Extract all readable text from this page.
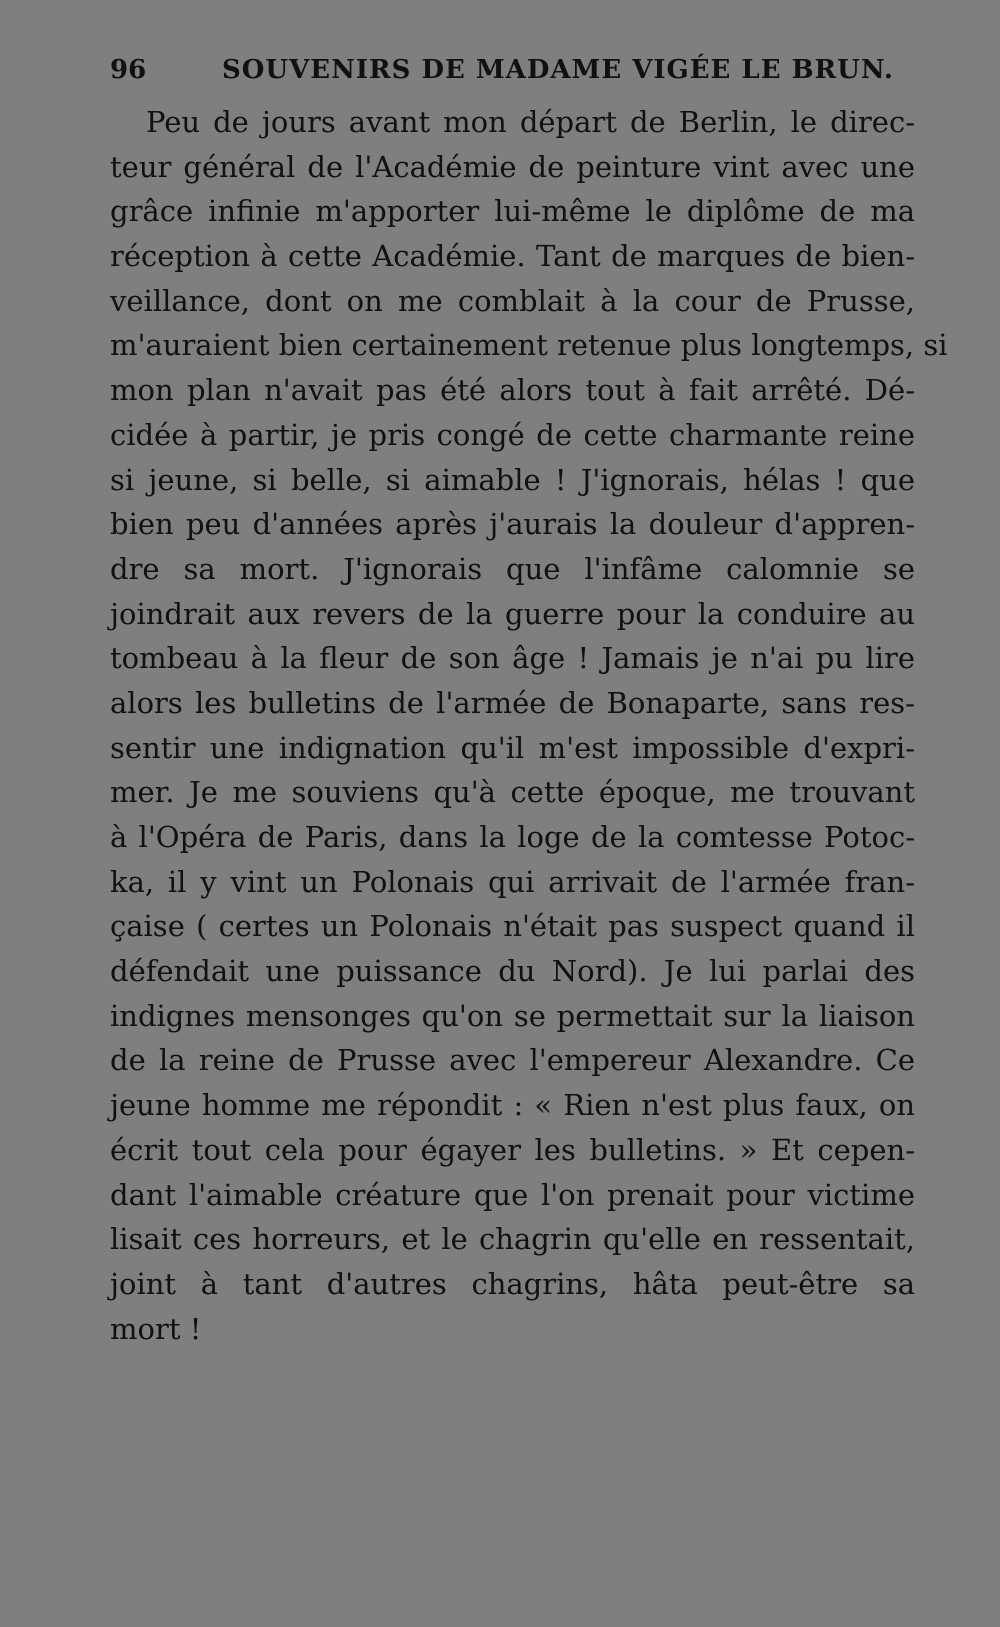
96	SOUVENIRS DE MADAME VIGÉE LE BRUN.
Peu de jours avant mon départ de Berlin, le direc-
teur général de l'Académie de peinture vint avec une
grâce infinie m'apporter lui-même le diplôme de ma
réception à cette Académie. Tant de marques de bien-
veillance, dont on me comblait à la cour de Prusse,
m'auraient bien certainement retenue plus longtemps, si
mon plan n'avait pas été alors tout à fait arrêté. Dé-
cidée à partir, je pris congé de cette charmante reine
si jeune, si belle, si aimable ! J'ignorais, hélas ! que
bien peu d'années après j'aurais la douleur d'appren-
dre sa mort. J'ignorais que l'infâme calomnie se
joindrait aux revers de la guerre pour la conduire au
tombeau à la fleur de son âge ! Jamais je n'ai pu lire
alors les bulletins de l'armée de Bonaparte, sans res-
sentir une indignation qu'il m'est impossible d'expri-
mer. Je me souviens qu'à cette époque, me trouvant
à l'Opéra de Paris, dans la loge de la comtesse Potoc-
ka, il y vint un Polonais qui arrivait de l'armée fran-
çaise ( certes un Polonais n'était pas suspect quand il
défendait une puissance du Nord). Je lui parlai des
indignes mensonges qu'on se permettait sur la liaison
de la reine de Prusse avec l'empereur Alexandre. Ce
jeune homme me répondit : « Rien n'est plus faux, on
écrit tout cela pour égayer les bulletins. » Et cepen-
dant l'aimable créature que l'on prenait pour victime
lisait ces horreurs, et le chagrin qu'elle en ressentait,
joint à tant d'autres chagrins, hâta peut-être sa
mort !
